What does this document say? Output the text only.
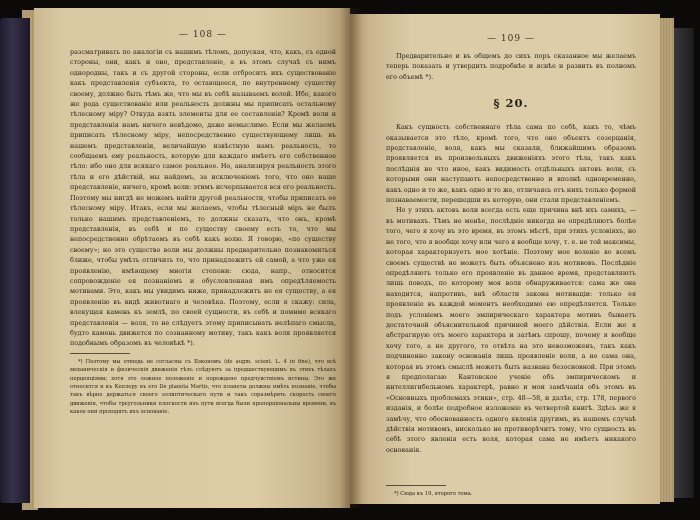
— 108 —

разсматривать по аналогіи съ нашимъ тѣломъ, допуская, что, какъ, съ одной стороны, они, какъ и оно, представленіе, а въ этомъ случаѣ съ нимъ однородны, такъ и съ другой стороны, если отбросить ихъ существованіе какъ представленія субъекта, то остающееся, по внутреннему существу своему, должно быть тѣмъ же, что мы въ себѣ называемъ волей. Ибо, какого же рода существованіе или реальность должны мы приписать остальному тѣлесному міру? Откуда взять элементы для ее составленія? Кромѣ воли и представленія намъ ничего невѣдомо, даже немыслимо. Если мы желаемъ приписать тѣлесному міру, непосредственно существующему лишь въ нашемъ представленіи, величайшую извѣстную намъ реальность, то сообщаемъ ему реальность, которую для каждаго имѣетъ его собственное тѣло: ибо оно для всякаго самое реальное. Но, анализируя реальность этого тѣла и его дѣйствій, мы найдемъ, за исключеніемъ того, что оно наше представленіе, ничего, кромѣ воли: этимъ исчерпывается вся его реальность. Поэтому мы нигдѣ не можемъ найти другой реальности, чтобы приписать ее тѣлесному міру. Итакъ, если мы желаемъ, чтобы тѣлесный міръ не былъ только нашимъ представленіемъ, то должны сказать, что онъ, кромѣ представленія, въ себѣ и по существу своему есть то, что мы непосредственно обрѣтаемъ въ себѣ какъ волю. Я говорю, «по существу своему»; но это существо воли мы должны предварительно познакомиться ближе, чтобы умѣть отличить то, что принадлежитъ ей самой, а что уже ея проявленію, имѣющему многія степени: сюда, напр., относится сопровожденіе ея познаніемъ и обусловленная имъ опредѣляемость мотивами. Это, какъ мы увидимъ ниже, принадлежитъ не ея существу, а ея проявленію въ видѣ животнаго и человѣка. Поэтому, если я скажу: сила, влекущая камень къ землѣ, по своей сущности, въ себѣ и помимо всякаго представленія — воля, то не слѣдуетъ этому приписывать нелѣпаго смысла, будто камень движется по сознанному мотиву, такъ какъ воля проявляется подобнымъ образомъ въ человѣкѣ *).

*) Поэтому мы отнюдь не согласны съ Бэкономъ (de augm. scient. L. 4 in fine), что всѣ механическія и физическія движенія тѣлъ слѣдуютъ за предшествующимъ въ этихъ тѣлахъ перцепціями; хотя это ложное положеніе и порождено предчувствіемъ истины. Это же относится и къ Кеплеру въ его De planeta Martis, что планеты должны имѣть познаніе, чтобы такъ вѣрно держаться своего эллиптическаго пути и такъ соразмѣрять скорость своего движенія, чтобы треугольники плоскости ихъ пути всегда были пропорціональны времени, въ какое они проходятъ ихъ основаніе.

— 109 —

Предварительно и въ общемъ до сихъ поръ сказанное мы желаемъ теперь показать и утвердить подробнѣе и яснѣе и развить въ полномъ его объемѣ *).

§ 20.

Какъ сущность собственнаго тѣла сама по себѣ, какъ то, чѣмъ оказывается это тѣло, кромѣ того, что оно объектъ созерцанія, представленіе, воля, какъ мы сказали, ближайшимъ образомъ проявляется въ произвольныхъ движеніяхъ этого тѣла, такъ какъ послѣднія не что иное, какъ видимость отдѣльныхъ актовъ воли, съ которыми они наступаютъ непосредственно и вполнѣ одновременно, какъ одно и то же, какъ одно и то же, отличаясь отъ нихъ только формой познаваемости, перешедши въ которую, они стали представленіемъ.

Но у этихъ актовъ воли всегда есть еще причина внѣ ихъ самихъ, — въ мотивахъ. Тѣмъ не менѣе, послѣдніе никогда не опредѣляютъ болѣе того, чего я хочу въ это время, въ этомъ мѣстѣ, при этихъ условіяхъ, но не того, что я вообще хочу или чего я вообще хочу, т. е. не той максимы, которая характеризуетъ мое хотѣніе. Поэтому мое воленіе во всемъ своемъ существѣ не можетъ быть объяснено изъ мотивовъ. Послѣдніе опредѣляютъ только его проявленіе въ данное время, представляютъ лишь поводъ, по которому моя воля обнаруживается: сама же она находится, напротивъ, внѣ области закона мотиваціи: только ея проявленіе въ каждой моментъ необходимо ею опредѣляется. Только подъ условіемъ моего эмпирическаго характера мотивъ бываетъ достаточной объяснительной причиной моего дѣйствія. Если же я абстрагирую отъ моего характера и затѣмъ спрошу, почему я вообще хочу того, а не другого, то отвѣта на это невозможенъ, такъ какъ подчиненно закону основанія лишь проявленіе воли, а не сама она, которая въ этомъ смыслѣ можетъ быть названа безосновной. При этомъ я предполагаю Кантовское ученіе объ эмпирическомъ и интеллигибельномъ характерѣ, равно и мои замѣчанія объ этомъ въ «Основныхъ проблемахъ этики», стр. 48—58, и далѣе, стр. 178, первого изданія, и болѣе подробное изложеніе въ четвертой книгѣ. Здѣсь же я замѣчу, что обоснованность одного явленія другимъ, въ нашемъ случаѣ дѣйствія мотивомъ, нисколько не противорѣчитъ тому, что сущность въ себѣ этого явленія есть воля, которая сама не имѣетъ никакого основанія.

*) Сюда къ 19, второго тома.
